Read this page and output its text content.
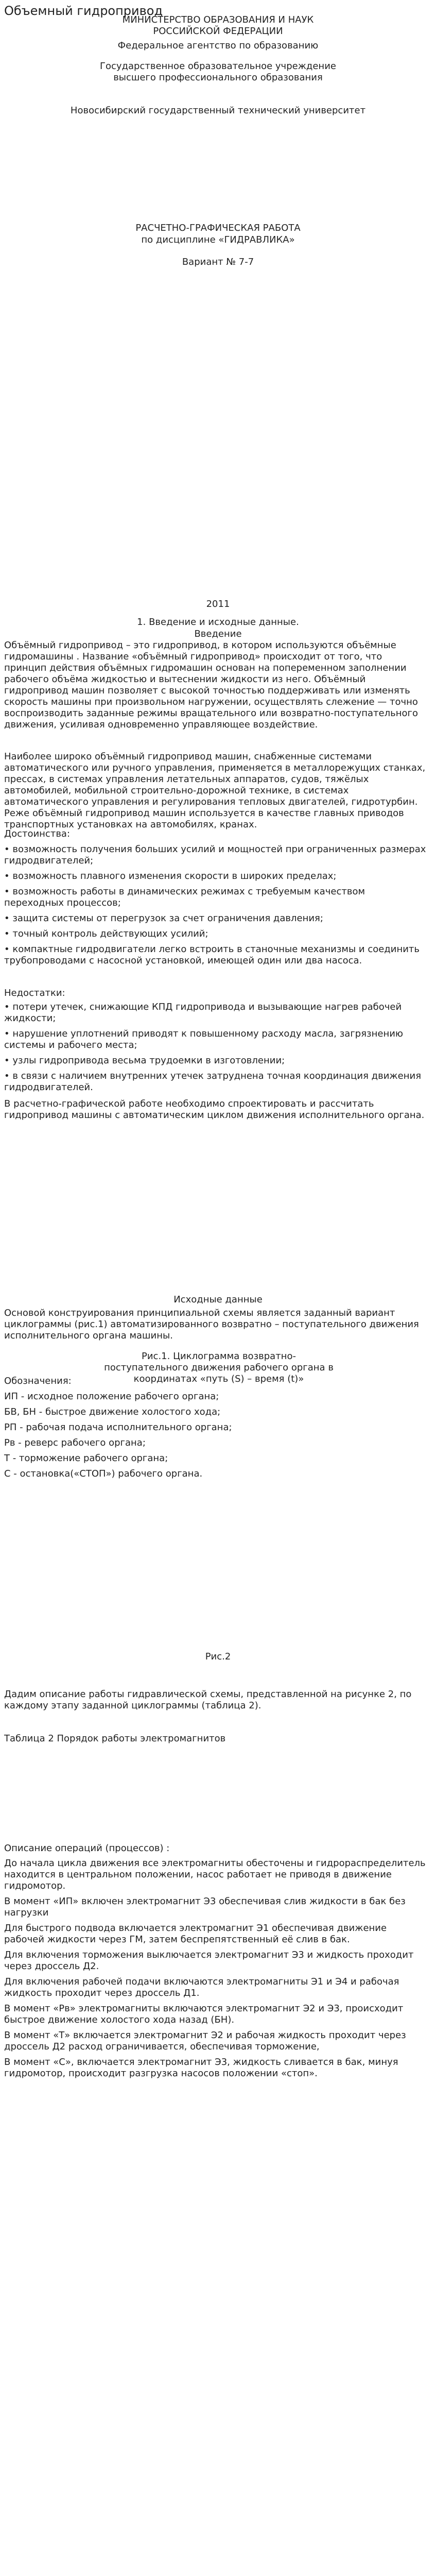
Объемный гидропривод

МИНИСТЕРСТВО ОБРАЗОВАНИЯ И НАУК

РОССИЙСКОЙ ФЕДЕРАЦИИ

Федеральное агентство по образованию

Государственное образовательное учреждение

высшего профессионального образования

Новосибирский государственный технический университет

РАСЧЕТНО-ГРАФИЧЕСКАЯ РАБОТА

по дисциплине «ГИДРАВЛИКА»

Вариант № 7-7

2011

1. Введение и исходные данные.

Введение

Объёмный гидропривод – это гидропривод, в котором используются объёмные гидромашины . Название «объёмный гидропривод» происходит от того, что принцип действия объёмных гидромашин основан на попеременном заполнении рабочего объёма жидкостью и вытеснении жидкости из него. Объёмный гидропривод машин позволяет с высокой точностью поддерживать или изменять скорость машины при произвольном нагружении, осуществлять слежение — точно воспроизводить заданные режимы вращательного или возвратно-поступательного движения, усиливая одновременно управляющее воздействие.

Наиболее широко объёмный гидропривод машин, снабженные системами автоматического или ручного управления, применяется в металлорежущих станках, прессах, в системах управления летательных аппаратов, судов, тяжёлых автомобилей, мобильной строительно-дорожной технике, в системах автоматического управления и регулирования тепловых двигателей, гидротурбин. Реже объёмный гидропривод машин используется в качестве главных приводов транспортных установках на автомобилях, кранах.

Достоинства:

• возможность получения больших усилий и мощностей при ограниченных размерах гидродвигателей;

• возможность плавного изменения скорости в широких пределах;

• возможность работы в динамических режимах с требуемым качеством переходных процессов;

• защита системы от перегрузок за счет ограничения давления;

• точный контроль действующих усилий;

• компактные гидродвигатели легко встроить в станочные механизмы и соединить трубопроводами с насосной установкой, имеющей один или два насоса.

Недостатки:

• потери утечек, снижающие КПД гидропривода и вызывающие нагрев рабочей жидкости;

• нарушение уплотнений приводят к повышенному расходу масла, загрязнению системы и рабочего места;

• узлы гидропривода весьма трудоемки в изготовлении;

• в связи с наличием внутренних утечек затруднена точная координация движения гидродвигателей.

В расчетно-графической работе необходимо спроектировать и рассчитать гидропривод машины с автоматическим циклом движения исполнительного органа.

Исходные данные

Основой конструирования принципиальной схемы является заданный вариант циклограммы (рис.1) автоматизированного возвратно – поступательного движения исполнительного органа машины.

Рис.1. Циклограмма возвратно- поступательного движения рабочего органа в координатах «путь (S) – время (t)»

Обозначения:

ИП - исходное положение рабочего органа;

БВ, БН - быстрое движение холостого хода;

РП - рабочая подача исполнительного органа;

Рв - реверс рабочего органа;

Т - торможение рабочего органа;

С - остановка(«СТОП») рабочего органа.

Рис.2

Дадим описание работы гидравлической схемы, представленной на рисунке 2, по каждому этапу заданной циклограммы (таблица 2).

Таблица 2 Порядок работы электромагнитов

Описание операций (процессов) :

До начала цикла движения все электромагниты обесточены и гидрораспределитель находится в центральном положении, насос работает не приводя в движение гидромотор.

В момент «ИП» включен электромагнит Э3 обеспечивая слив жидкости в бак без нагрузки

Для быстрого подвода включается электромагнит Э1 обеспечивая движение рабочей жидкости через ГМ, затем беспрепятственный её слив в бак.

Для включения торможения выключается электромагнит Э3 и жидкость проходит через дроссель Д2.

Для включения рабочей подачи включаются электромагниты Э1 и Э4 и рабочая жидкость проходит через дроссель Д1.

В момент «Рв» электромагниты включаются электромагнит Э2 и Э3, происходит быстрое движение холостого хода назад (БН).

В момент «Т» включается электромагнит Э2 и рабочая жидкость проходит через дроссель Д2 расход ограничивается, обеспечивая торможение,

В момент «С», включается электромагнит Э3, жидкость сливается в бак, минуя гидромотор, происходит разгрузка насосов положении «стоп».
